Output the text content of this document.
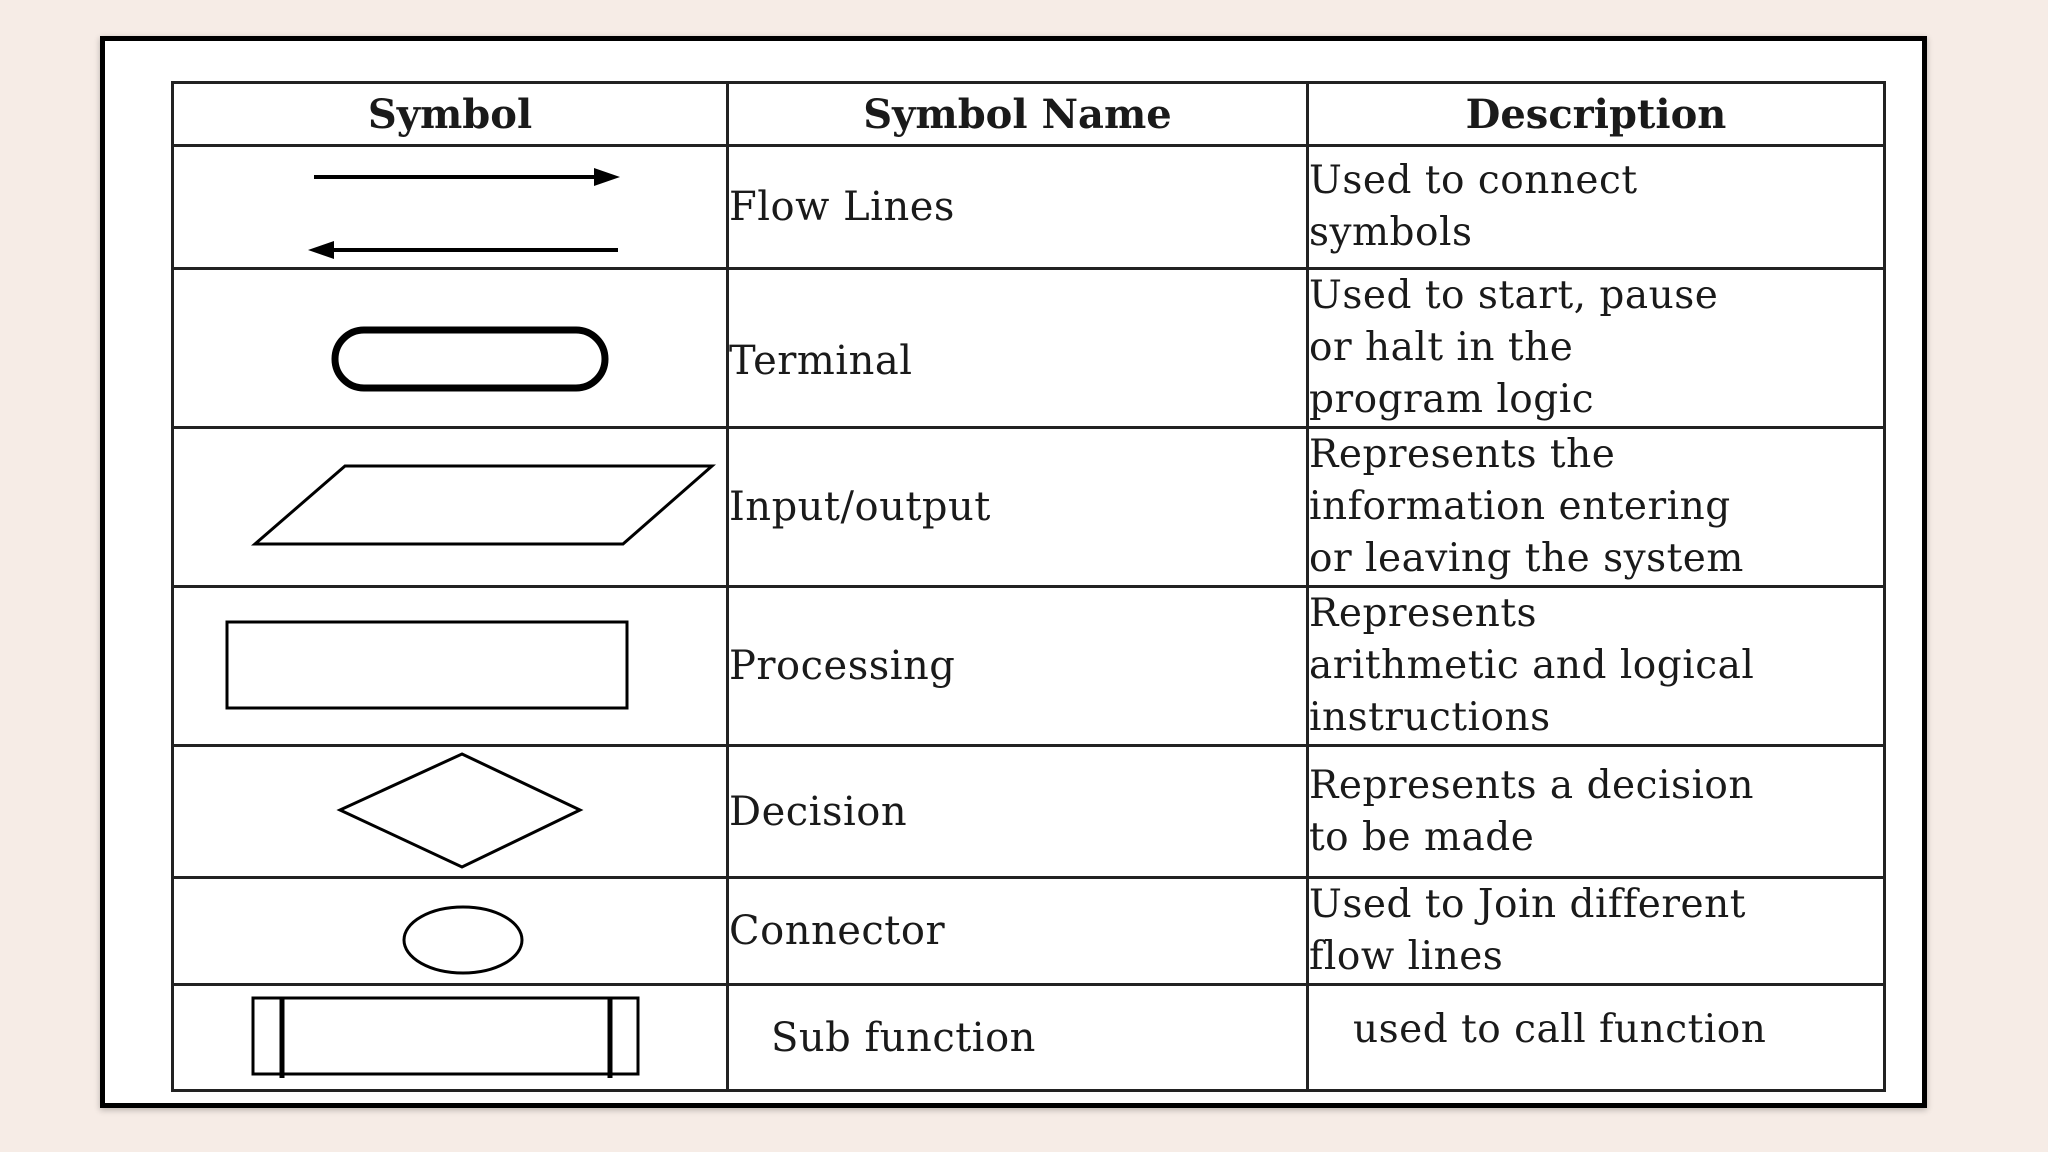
Symbol	Symbol Name	Description

	Flow Lines	Used to connect
symbols

	Terminal	Used to start, pause
or halt in the
program logic

	Input/output	Represents the
information entering
or leaving the system

	Processing	Represents
arithmetic and logical
instructions

	Decision	Represents a decision
to be made

	Connector	Used to Join different
flow lines

	Sub function	used to call function
